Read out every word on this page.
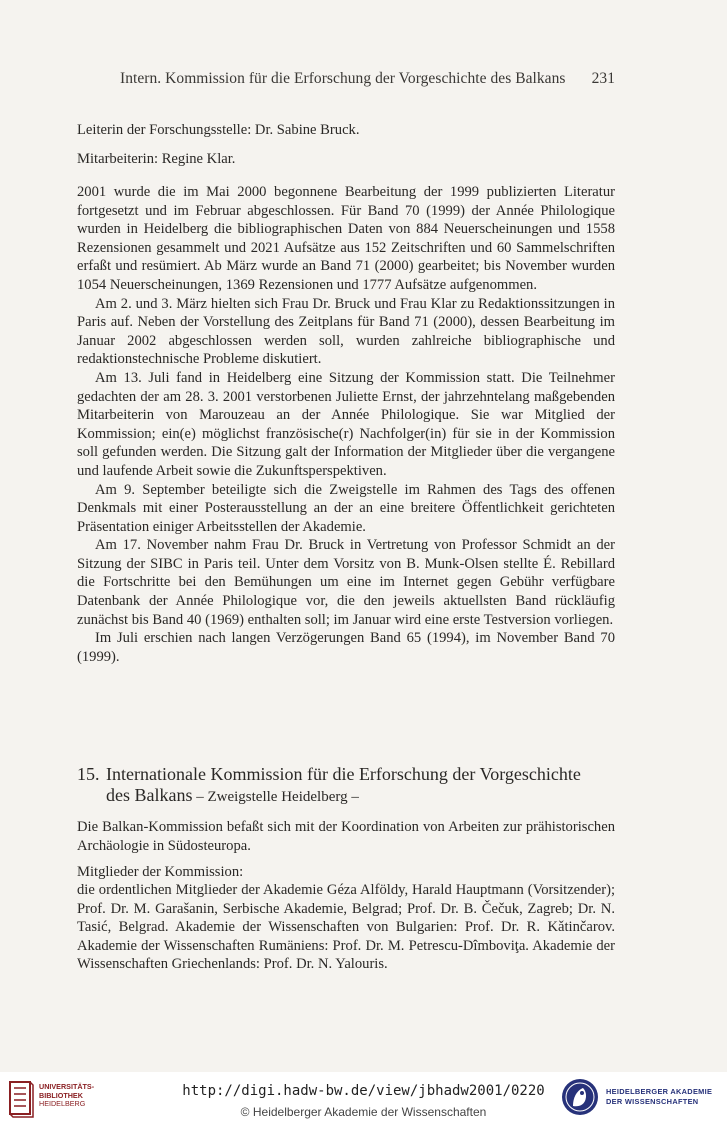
Intern. Kommission für die Erforschung der Vorgeschichte des Balkans 231
Leiterin der Forschungsstelle: Dr. Sabine Bruck.
Mitarbeiterin: Regine Klar.

2001 wurde die im Mai 2000 begonnene Bearbeitung der 1999 publizierten Literatur fortgesetzt und im Februar abgeschlossen. Für Band 70 (1999) der Année Philologique wurden in Heidelberg die bibliographischen Daten von 884 Neuerscheinungen und 1558 Rezensionen gesammelt und 2021 Aufsätze aus 152 Zeitschriften und 60 Sammelschriften erfaßt und resümiert. Ab März wurde an Band 71 (2000) gearbeitet; bis November wurden 1054 Neuerscheinungen, 1369 Rezensionen und 1777 Aufsätze aufgenommen.

Am 2. und 3. März hielten sich Frau Dr. Bruck und Frau Klar zu Redaktionssitzungen in Paris auf. Neben der Vorstellung des Zeitplans für Band 71 (2000), dessen Bearbeitung im Januar 2002 abgeschlossen werden soll, wurden zahlreiche bibliographische und redaktionstechnische Probleme diskutiert.

Am 13. Juli fand in Heidelberg eine Sitzung der Kommission statt. Die Teilnehmer gedachten der am 28. 3. 2001 verstorbenen Juliette Ernst, der jahrzehntelang maßgebenden Mitarbeiterin von Marouzeau an der Année Philologique. Sie war Mitglied der Kommission; ein(e) möglichst französische(r) Nachfolger(in) für sie in der Kommission soll gefunden werden. Die Sitzung galt der Information der Mitglieder über die vergangene und laufende Arbeit sowie die Zukunftsperspektiven.

Am 9. September beteiligte sich die Zweigstelle im Rahmen des Tags des offenen Denkmals mit einer Posterausstellung an der an eine breitere Öffentlichkeit gerichteten Präsentation einiger Arbeitsstellen der Akademie.

Am 17. November nahm Frau Dr. Bruck in Vertretung von Professor Schmidt an der Sitzung der SIBC in Paris teil. Unter dem Vorsitz von B. Munk-Olsen stellte É. Rebillard die Fortschritte bei den Bemühungen um eine im Internet gegen Gebühr verfügbare Datenbank der Année Philologique vor, die den jeweils aktuellsten Band rückläufig zunächst bis Band 40 (1969) enthalten soll; im Januar wird eine erste Testversion vorliegen.

Im Juli erschien nach langen Verzögerungen Band 65 (1994), im November Band 70 (1999).

15. Internationale Kommission für die Erforschung der Vorgeschichte
des Balkans – Zweigstelle Heidelberg –
Die Balkan-Kommission befaßt sich mit der Koordination von Arbeiten zur prähistorischen Archäologie in Südosteuropa.
Mitglieder der Kommission:
die ordentlichen Mitglieder der Akademie Géza Alföldy, Harald Hauptmann (Vorsitzender); Prof. Dr. M. Garašanin, Serbische Akademie, Belgrad; Prof. Dr. B. Čečuk, Zagreb; Dr. N. Tasić, Belgrad. Akademie der Wissenschaften von Bulgarien: Prof. Dr. R. Kǎtinčarov. Akademie der Wissenschaften Rumäniens: Prof. Dr. M. Petrescu-Dîmboviţa. Akademie der Wissenschaften Griechenlands: Prof. Dr. N. Yalouris.
UNIVERSITÄTS-
BIBLIOTHEK
HEIDELBERG
http://digi.hadw-bw.de/view/jbhadw2001/0220
© Heidelberger Akademie der Wissenschaften
HEIDELBERGER AKADEMIE
DER WISSENSCHAFTEN
